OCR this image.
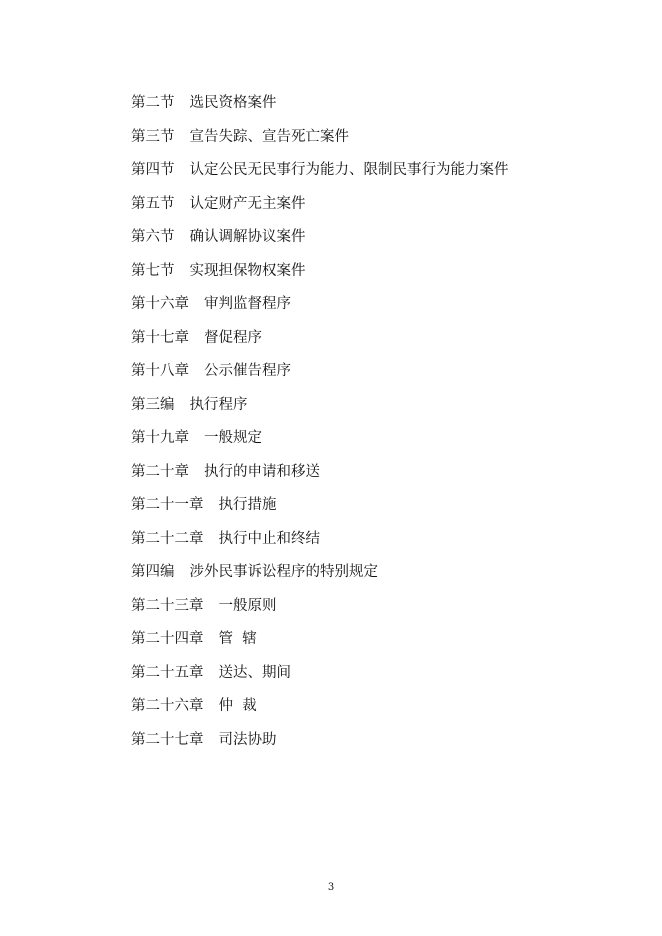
第二节 选民资格案件
第三节 宣告失踪、宣告死亡案件
第四节 认定公民无民事行为能力、限制民事行为能力案件
第五节 认定财产无主案件
第六节 确认调解协议案件
第七节 实现担保物权案件
第十六章 审判监督程序
第十七章 督促程序
第十八章 公示催告程序
第三编 执行程序
第十九章 一般规定
第二十章 执行的申请和移送
第二十一章 执行措施
第二十二章 执行中止和终结
第四编 涉外民事诉讼程序的特别规定
第二十三章 一般原则
第二十四章 管  辖
第二十五章 送达、期间
第二十六章 仲  裁
第二十七章 司法协助
3
